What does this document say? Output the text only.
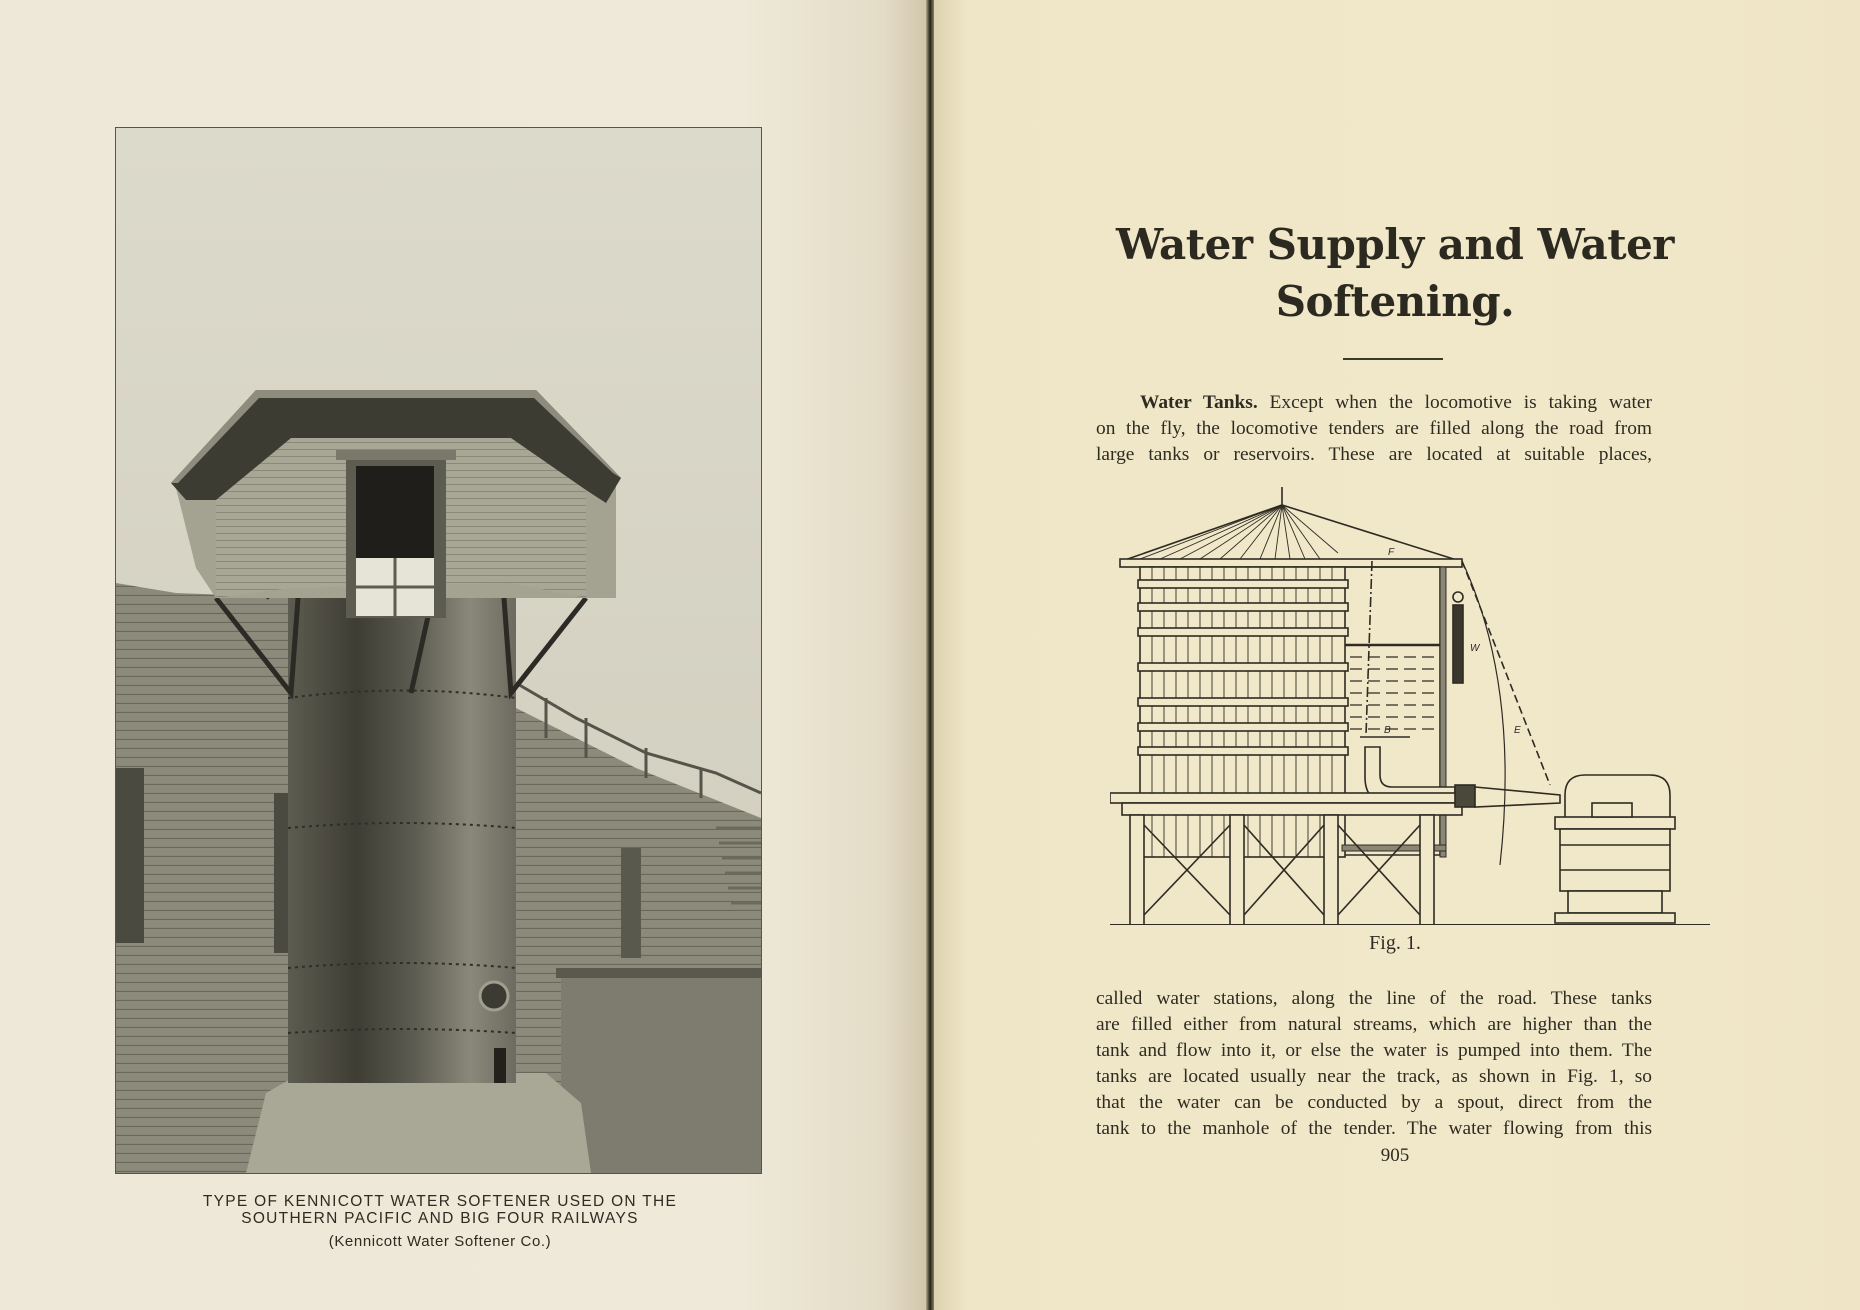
TYPE OF KENNICOTT WATER SOFTENER USED ON THE
SOUTHERN PACIFIC AND BIG FOUR RAILWAYS
(Kennicott Water Softener Co.)
Water Supply and Water
Softening.
Water Tanks. Except when the locomotive is taking water
on the fly, the locomotive tenders are filled along the road from
large tanks or reservoirs. These are located at suitable places,
F
W
B	E
Fig. 1.
called water stations, along the line of the road. These tanks
are filled either from natural streams, which are higher than the
tank and flow into it, or else the water is pumped into them. The
tanks are located usually near the track, as shown in Fig. 1, so
that the water can be conducted by a spout, direct from the
tank to the manhole of the tender. The water flowing from this
905
